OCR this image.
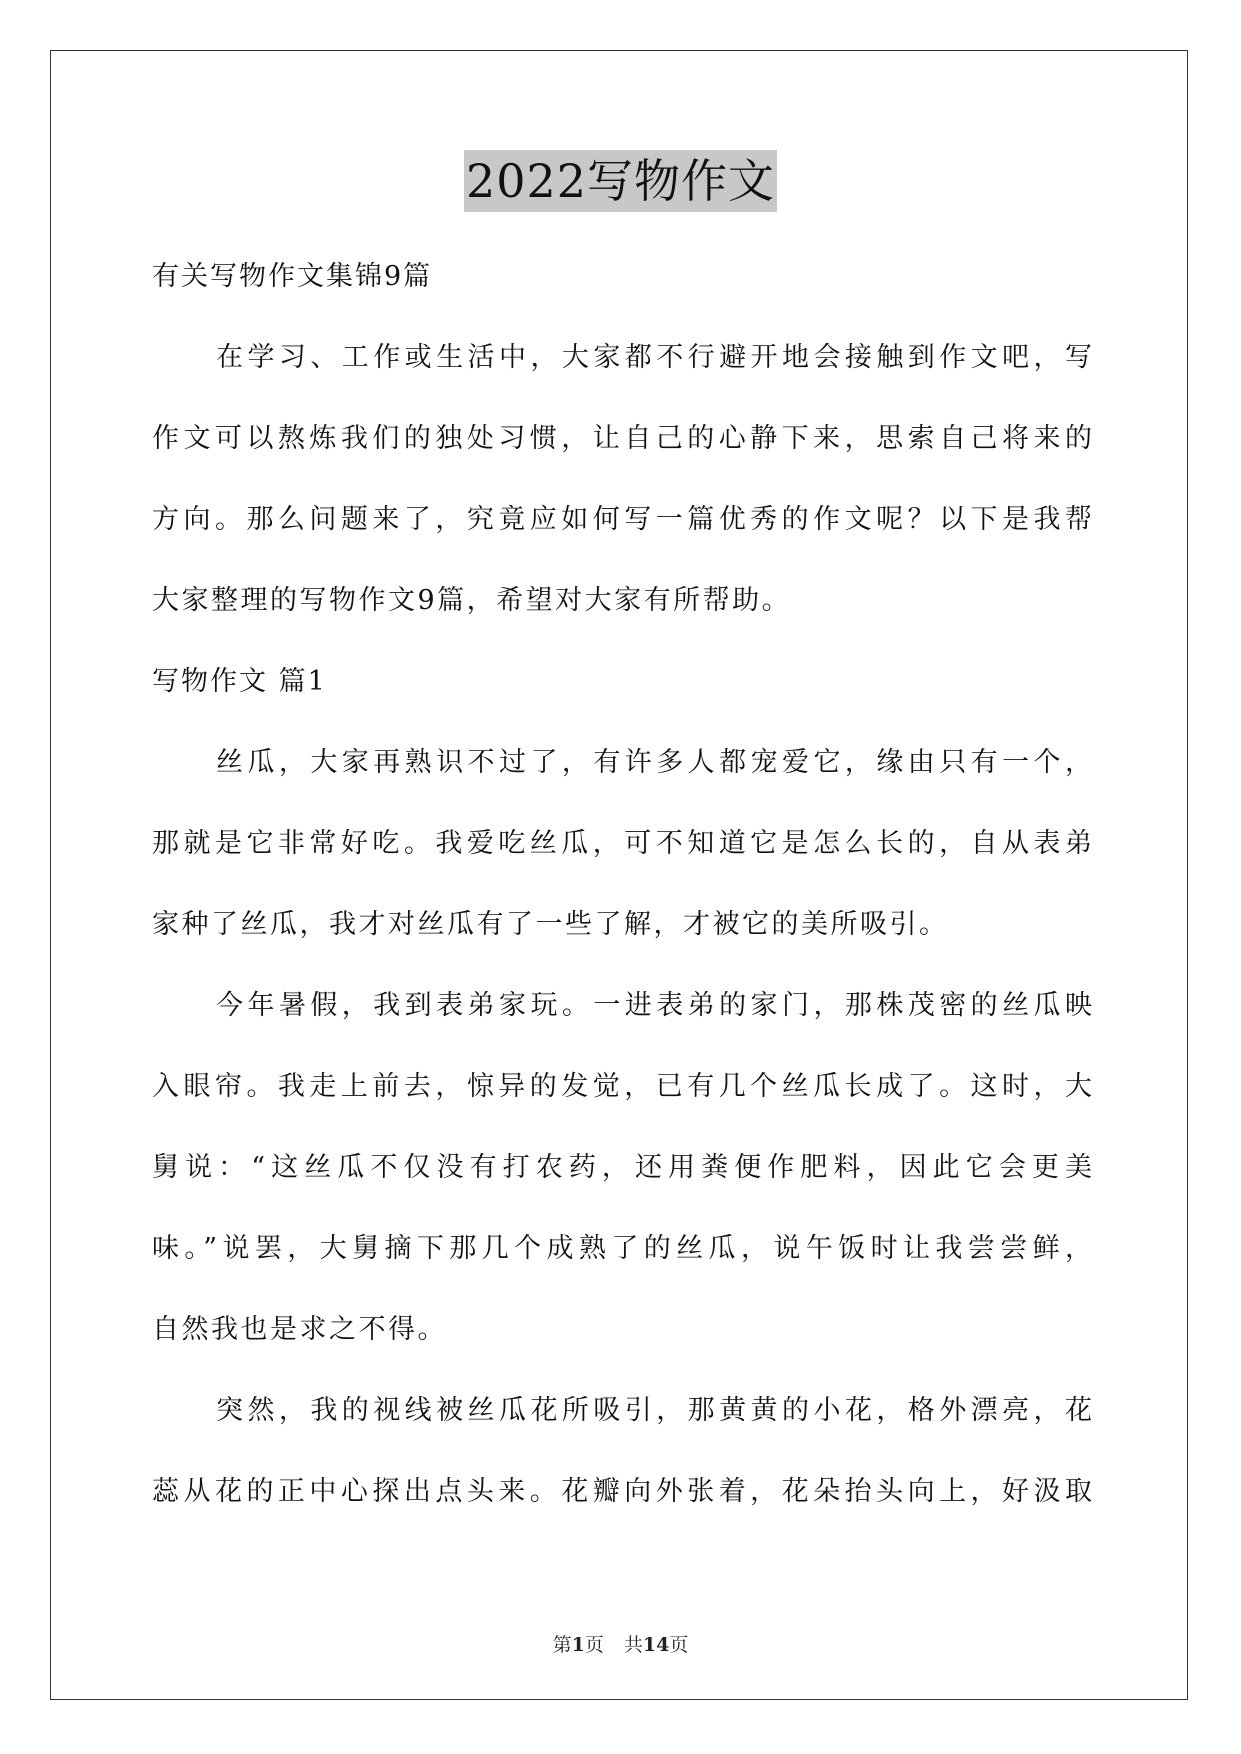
2022写物作文
有关写物作文集锦9篇
在学习、工作或生活中，大家都不行避开地会接触到作文吧，写
作文可以熬炼我们的独处习惯，让自己的心静下来，思索自己将来的
方向。那么问题来了，究竟应如何写一篇优秀的作文呢？以下是我帮
大家整理的写物作文9篇，希望对大家有所帮助。
写物作文 篇1
丝瓜，大家再熟识不过了，有许多人都宠爱它，缘由只有一个，
那就是它非常好吃。我爱吃丝瓜，可不知道它是怎么长的，自从表弟
家种了丝瓜，我才对丝瓜有了一些了解，才被它的美所吸引。
今年暑假，我到表弟家玩。一进表弟的家门，那株茂密的丝瓜映
入眼帘。我走上前去，惊异的发觉，已有几个丝瓜长成了。这时，大
舅说：“这丝瓜不仅没有打农药，还用粪便作肥料，因此它会更美
味。”说罢，大舅摘下那几个成熟了的丝瓜，说午饭时让我尝尝鲜，
自然我也是求之不得。
突然，我的视线被丝瓜花所吸引，那黄黄的小花，格外漂亮，花
蕊从花的正中心探出点头来。花瓣向外张着，花朵抬头向上，好汲取
第1页 共14页
